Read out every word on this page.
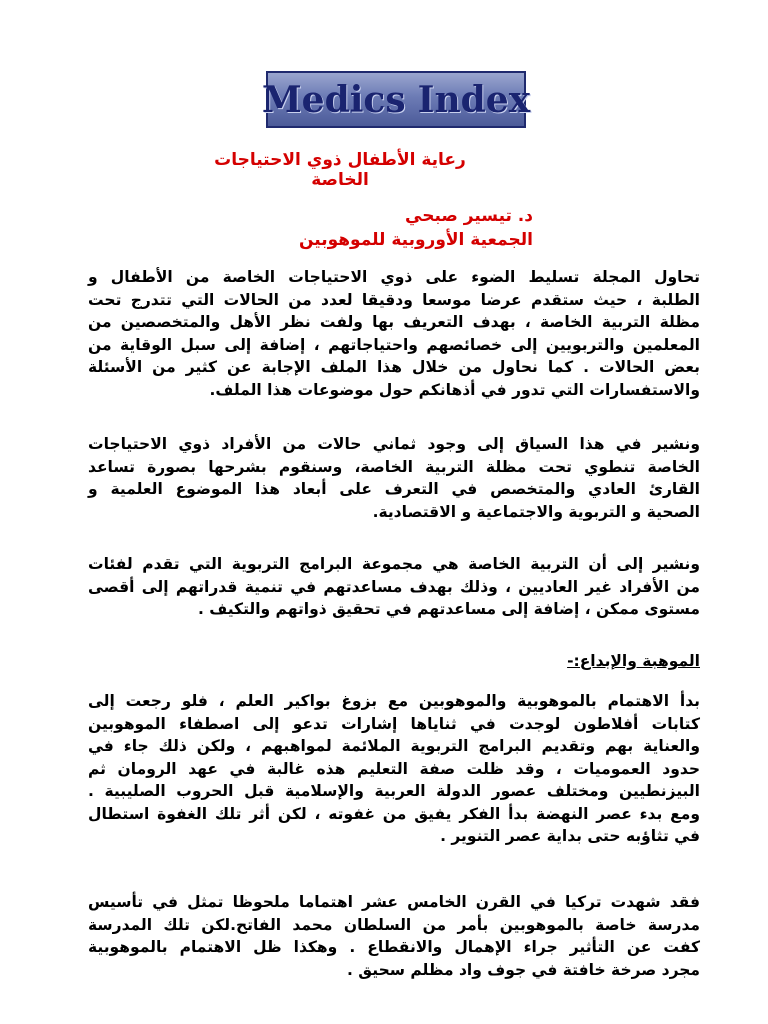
Medics Index
رعاية الأطفال ذوي الاحتياجات الخاصة
د. تيسير صبحي
الجمعية الأوروبية للموهوبين
تحاول المجلة تسليط الضوء على ذوي الاحتياجات الخاصة من الأطفال و
الطلبة ، حيث ستقدم عرضا موسعا ودقيقا لعدد من الحالات التي تتدرج تحت
مظلة التربية الخاصة ، بهدف التعريف بها ولفت نظر الأهل والمتخصصين من
المعلمين والتربويين إلى خصائصهم واحتياجاتهم ، إضافة إلى سبل الوقاية من
بعض الحالات . كما نحاول من خلال هذا الملف الإجابة عن كثير من الأسئلة
والاستفسارات التي تدور في أذهانكم حول موضوعات هذا الملف.
ونشير في هذا السياق إلى وجود ثماني حالات من الأفراد ذوي الاحتياجات
الخاصة تنطوي تحت مظلة التربية الخاصة، وسنقوم بشرحها بصورة تساعد
القارئ العادي والمتخصص في التعرف على أبعاد هذا الموضوع العلمية و
الصحية و التربوية والاجتماعية و الاقتصادية.
ونشير إلى أن التربية الخاصة هي مجموعة البرامج التربوية التي تقدم لفئات
من الأفراد غير العاديين ، وذلك بهدف مساعدتهم في تنمية قدراتهم إلى أقصى
مستوى ممكن ، إضافة إلى مساعدتهم في تحقيق ذواتهم والتكيف .
الموهبة والإبداع:-
بدأ الاهتمام بالموهوبية والموهوبين مع بزوغ بواكير العلم ، فلو رجعت إلى
كتابات أفلاطون لوجدت في ثناياها إشارات تدعو إلى اصطفاء الموهوبين
والعناية بهم وتقديم البرامج التربوية الملائمة لمواهبهم ، ولكن ذلك جاء في
حدود العموميات ، وقد ظلت صفة التعليم هذه غالبة في عهد الرومان ثم
البيزنطيين ومختلف عصور الدولة العربية والإسلامية قبل الحروب الصليبية .
ومع بدء عصر النهضة بدأ الفكر يفيق من غفوته ، لكن أثر تلك الغفوة استطال
في تثاؤبه حتى بداية عصر التنوير .
فقد شهدت تركيا في القرن الخامس عشر اهتماما ملحوظا تمثل في تأسيس
مدرسة خاصة بالموهوبين بأمر من السلطان محمد الفاتح.لكن تلك المدرسة
كفت عن التأثير جراء الإهمال والانقطاع . وهكذا ظل الاهتمام بالموهوبية
مجرد صرخة خافتة في جوف واد مظلم سحيق .
